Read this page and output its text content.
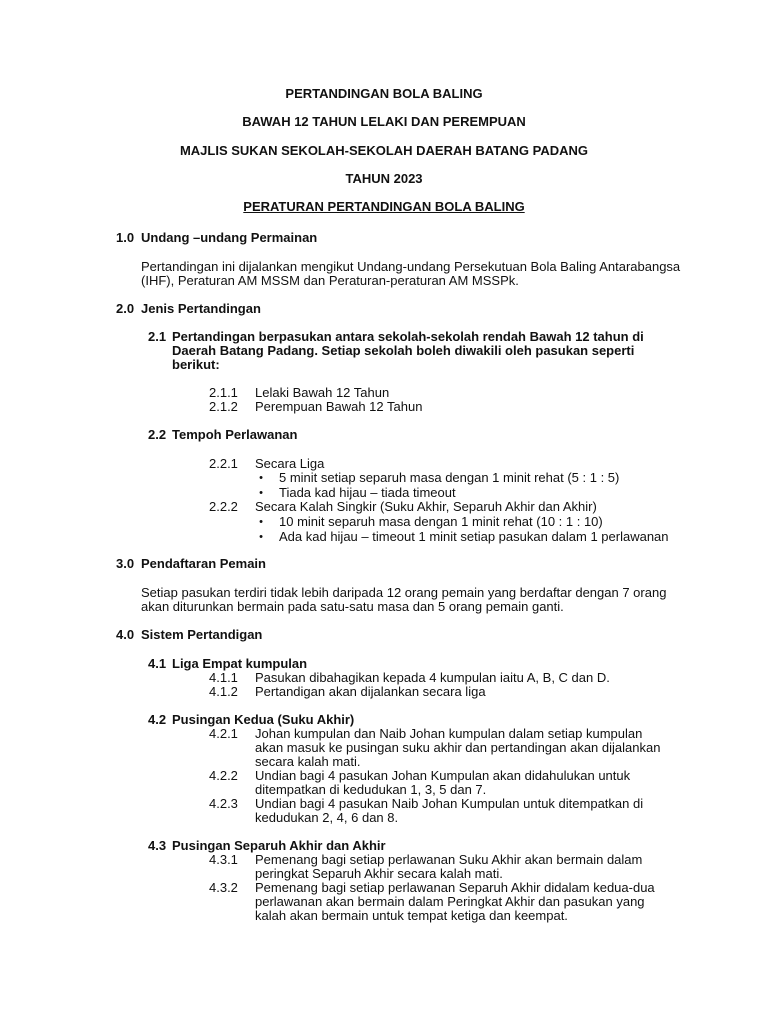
PERTANDINGAN BOLA BALING
BAWAH 12 TAHUN LELAKI DAN PEREMPUAN
MAJLIS SUKAN SEKOLAH-SEKOLAH DAERAH BATANG PADANG
TAHUN 2023
PERATURAN PERTANDINGAN BOLA BALING
1.0 Undang –undang Permainan
Pertandingan ini dijalankan mengikut Undang-undang Persekutuan Bola Baling Antarabangsa
(IHF), Peraturan AM MSSM dan Peraturan-peraturan AM MSSPk.
2.0 Jenis Pertandingan
2.1 Pertandingan berpasukan antara sekolah-sekolah rendah Bawah 12 tahun di
Daerah Batang Padang. Setiap sekolah boleh diwakili oleh pasukan seperti
berikut:
2.1.1 Lelaki Bawah 12 Tahun
2.1.2 Perempuan Bawah 12 Tahun
2.2 Tempoh Perlawanan
2.2.1 Secara Liga
• 5 minit setiap separuh masa dengan 1 minit rehat (5 : 1 : 5)
• Tiada kad hijau – tiada timeout
2.2.2 Secara Kalah Singkir (Suku Akhir, Separuh Akhir dan Akhir)
• 10 minit separuh masa dengan 1 minit rehat (10 : 1 : 10)
• Ada kad hijau – timeout 1 minit setiap pasukan dalam 1 perlawanan
3.0 Pendaftaran Pemain
Setiap pasukan terdiri tidak lebih daripada 12 orang pemain yang berdaftar dengan 7 orang
akan diturunkan bermain pada satu-satu masa dan 5 orang pemain ganti.
4.0 Sistem Pertandigan
4.1 Liga Empat kumpulan
4.1.1 Pasukan dibahagikan kepada 4 kumpulan iaitu A, B, C dan D.
4.1.2 Pertandigan akan dijalankan secara liga
4.2 Pusingan Kedua (Suku Akhir)
4.2.1 Johan kumpulan dan Naib Johan kumpulan dalam setiap kumpulan
akan masuk ke pusingan suku akhir dan pertandingan akan dijalankan
secara kalah mati.
4.2.2 Undian bagi 4 pasukan Johan Kumpulan akan didahulukan untuk
ditempatkan di kedudukan 1, 3, 5 dan 7.
4.2.3 Undian bagi 4 pasukan Naib Johan Kumpulan untuk ditempatkan di
kedudukan 2, 4, 6 dan 8.
4.3 Pusingan Separuh Akhir dan Akhir
4.3.1 Pemenang bagi setiap perlawanan Suku Akhir akan bermain dalam
peringkat Separuh Akhir secara kalah mati.
4.3.2 Pemenang bagi setiap perlawanan Separuh Akhir didalam kedua-dua
perlawanan akan bermain dalam Peringkat Akhir dan pasukan yang
kalah akan bermain untuk tempat ketiga dan keempat.
